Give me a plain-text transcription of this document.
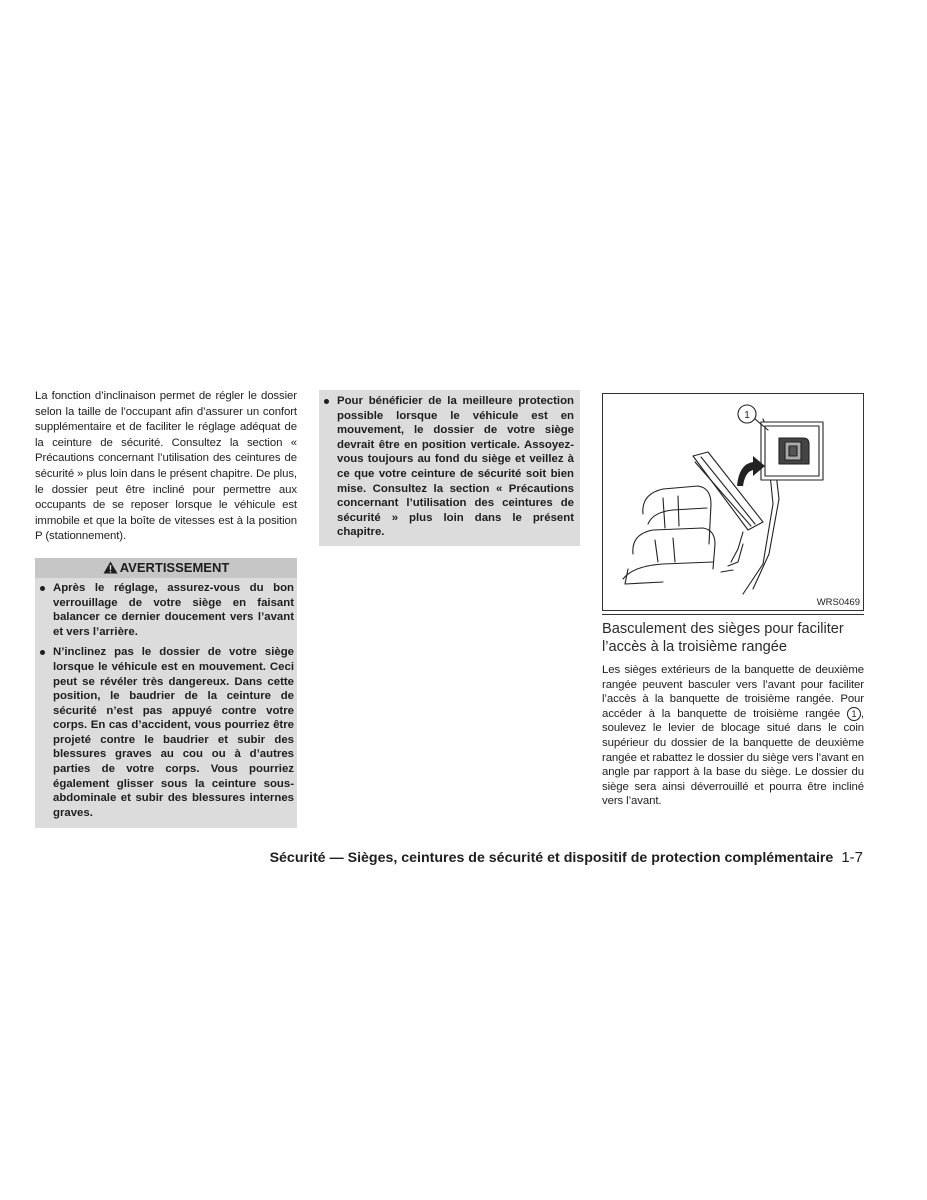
La fonction d’inclinaison permet de régler le dossier selon la taille de l’occupant afin d’assurer un confort supplémentaire et de faciliter le réglage adéquat de la ceinture de sécurité. Consultez la section « Précautions concernant l’utilisation des ceintures de sécurité » plus loin dans le présent chapitre. De plus, le dossier peut être incliné pour permettre aux occupants de se reposer lorsque le véhicule est immobile et que la boîte de vitesses est à la position P (stationnement).

AVERTISSEMENT
Après le réglage, assurez-vous du bon verrouillage de votre siège en faisant balancer ce dernier doucement vers l’avant et vers l’arrière.
N’inclinez pas le dossier de votre siège lorsque le véhicule est en mouvement. Ceci peut se révéler très dangereux. Dans cette position, le baudrier de la ceinture de sécurité n’est pas appuyé contre votre corps. En cas d’accident, vous pourriez être projeté contre le baudrier et subir des blessures graves au cou ou à d’autres parties de votre corps. Vous pourriez également glisser sous la ceinture sous-abdominale et subir des blessures internes graves.
Pour bénéficier de la meilleure protection possible lorsque le véhicule est en mouvement, le dossier de votre siège devrait être en position verticale. Assoyez-vous toujours au fond du siège et veillez à ce que votre ceinture de sécurité soit bien mise. Consultez la section « Précautions concernant l’utilisation des ceintures de sécurité » plus loin dans le présent chapitre.
1
WRS0469
Basculement des sièges pour faciliter l’accès à la troisième rangée

Les sièges extérieurs de la banquette de deuxième rangée peuvent basculer vers l’avant pour faciliter l’accès à la banquette de troisième rangée. Pour accéder à la banquette de troisième rangée 1 , soulevez le levier de blocage situé dans le coin supérieur du dossier de la banquette de deuxième rangée et rabattez le dossier du siège vers l’avant en angle par rapport à la base du siège. Le dossier du siège sera ainsi déverrouillé et pourra être incliné vers l’avant.

Sécurité — Sièges, ceintures de sécurité et dispositif de protection complémentaire 1-7
